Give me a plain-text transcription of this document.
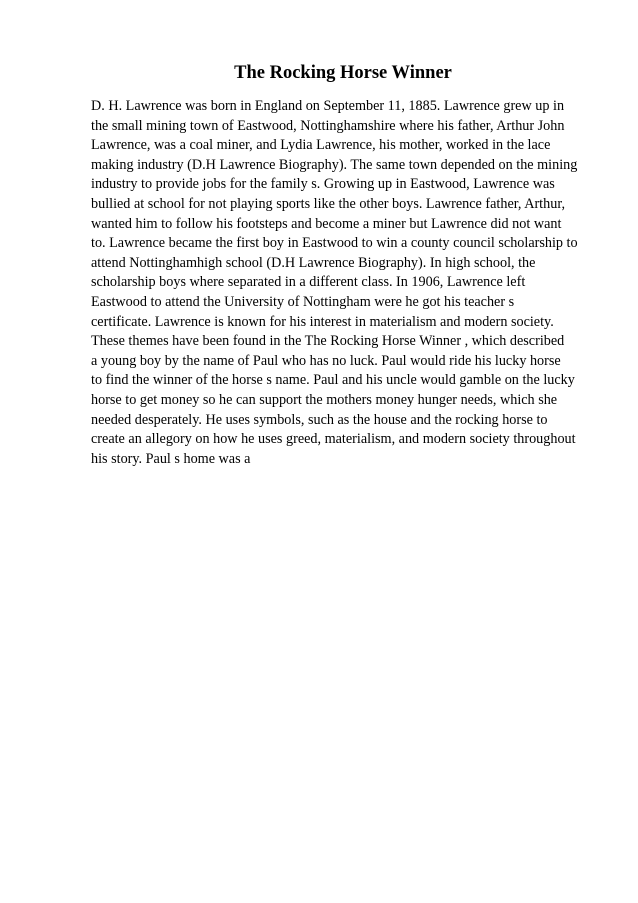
The Rocking Horse Winner
D. H. Lawrence was born in England on September 11, 1885. Lawrence grew up in
the small mining town of Eastwood, Nottinghamshire where his father, Arthur John
Lawrence, was a coal miner, and Lydia Lawrence, his mother, worked in the lace
making industry (D.H Lawrence Biography). The same town depended on the mining
industry to provide jobs for the family s. Growing up in Eastwood, Lawrence was
bullied at school for not playing sports like the other boys. Lawrence father, Arthur,
wanted him to follow his footsteps and become a miner but Lawrence did not want
to. Lawrence became the first boy in Eastwood to win a county council scholarship to
attend Nottinghamhigh school (D.H Lawrence Biography). In high school, the
scholarship boys where separated in a different class. In 1906, Lawrence left
Eastwood to attend the University of Nottingham were he got his teacher s
certificate. Lawrence is known for his interest in materialism and modern society.
These themes have been found in the The Rocking Horse Winner , which described
a young boy by the name of Paul who has no luck. Paul would ride his lucky horse
to find the winner of the horse s name. Paul and his uncle would gamble on the lucky
horse to get money so he can support the mothers money hunger needs, which she
needed desperately. He uses symbols, such as the house and the rocking horse to
create an allegory on how he uses greed, materialism, and modern society throughout
his story. Paul s home was a
